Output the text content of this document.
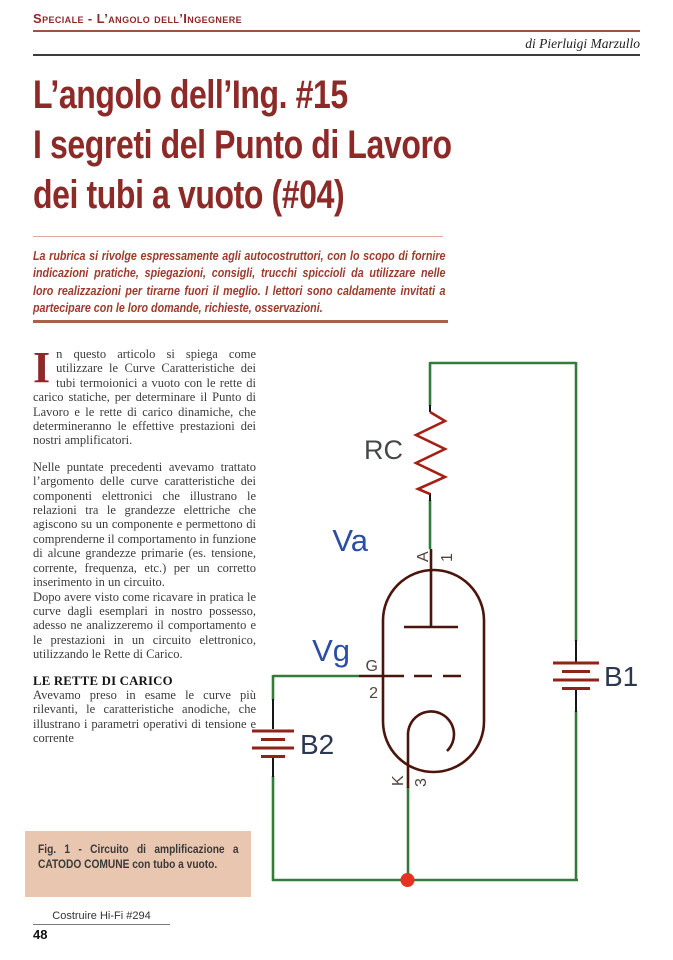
RC
Va
Vg
B1
B2
A 1
G
2
K 3
Speciale - L’angolo dell’Ingegnere
di Pierluigi Marzullo
L’angolo dell’Ing. #15
I segreti del Punto di Lavoro
dei tubi a vuoto (#04)
La rubrica si rivolge espressamente agli autocostruttori, con lo scopo di fornire indicazioni pratiche, spiegazioni, consigli, trucchi spiccioli da utilizzare nelle loro realizzazioni per tirarne fuori il meglio. I lettori sono caldamente invitati a partecipare con le loro domande, richieste, osservazioni.

In questo articolo si spiega come utilizzare le Curve Caratteristiche dei tubi termoionici a vuoto con le rette di carico statiche, per determinare il Punto di Lavoro e le rette di carico dinamiche, che determineranno le effettive prestazioni dei nostri amplificatori.

Nelle puntate precedenti avevamo trattato l’argomento delle curve caratteristiche dei componenti elettronici che illustrano le relazioni tra le grandezze elettriche che agiscono su un componente e permettono di comprenderne il comportamento in funzione di alcune grandezze primarie (es. tensione, corrente, frequenza, etc.) per un corretto inserimento in un circuito.

Dopo avere visto come ricavare in pratica le curve dagli esemplari in nostro possesso, adesso ne analizzeremo il comportamento e le prestazioni in un circuito elettronico, utilizzando le Rette di Carico.

LE RETTE DI CARICO

Avevamo preso in esame le curve più rilevanti, le caratteristiche anodiche, che illustrano i parametri operativi di tensione e corrente

Fig. 1 - Circuito di amplificazione a CATODO COMUNE con tubo a vuoto.
Costruire Hi-Fi #294
48
